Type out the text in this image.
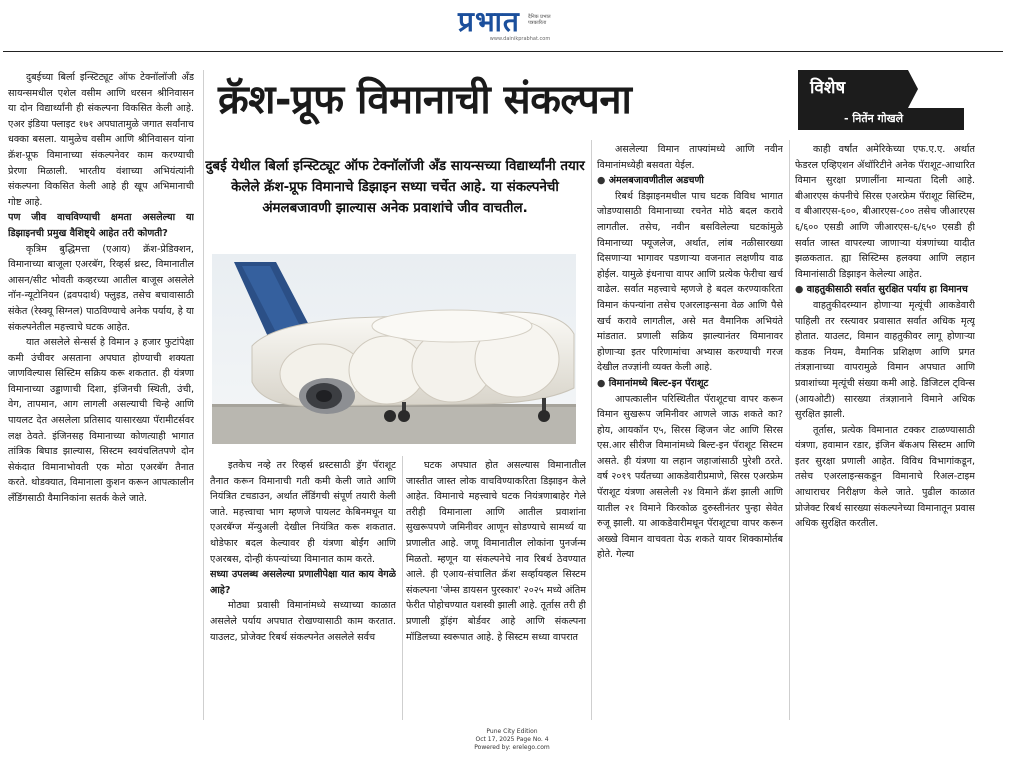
प्रभात दैनिक प्रभात पत्रकारिता
www.dainikprabhat.com
क्रॅश-प्रूफ विमानाची संकल्पना	विशेष
- नितेंन गोखले
दुबई येथील बिर्ला इन्स्टिट्यूट ऑफ टेक्नॉलॉजी अँड सायन्सच्या विद्यार्थ्यांनी तयार केलेले क्रॅश-प्रूफ विमानाचे डिझाइन सध्या चर्चेत आहे. या संकल्पनेची अंमलबजावणी झाल्यास अनेक प्रवाशांचे जीव वाचतील.

दुबईच्या बिर्ला इन्स्टिट्यूट ऑफ टेक्नॉलॉजी अँड सायन्समधील एशेल वसीम आणि धरसन श्रीनिवासन या दोन विद्यार्थ्यांनी ही संकल्पना विकसित केली आहे. एअर इंडिया फ्लाइट १७१ अपघातामुळे जगात सर्वांनाच धक्का बसला. यामुळेच वसीम आणि श्रीनिवासन यांना क्रॅश-प्रूफ विमानाच्या संकल्पनेवर काम करण्याची प्रेरणा मिळाली. भारतीय वंशाच्या अभियंत्यांनी संकल्पना विकसित केली आहे ही खूप अभिमानाची गोष्ट आहे.

पण जीव वाचविण्याची क्षमता असलेल्या या डिझाइनची प्रमुख वैशिष्ट्ये आहेत तरी कोणती?

कृत्रिम बुद्धिमत्ता (एआय) क्रॅश-प्रेडिक्शन, विमानाच्या बाजूला एअरबॅग, रिव्हर्स थ्रस्ट, विमानातील आसन/सीट भोवती कव्हरच्या आतील बाजूस असलेले नॉन-न्यूटोनियन (द्रवपदार्थ) फ्लुइड, तसेच बचावासाठी संकेत (रेस्क्यू सिग्नल) पाठविण्याचे अनेक पर्याय, हे या संकल्पनेतील महत्त्वाचे घटक आहेत.

यात असलेले सेन्सर्स हे विमान ३ हजार फुटांपेक्षा कमी उंचीवर असताना अपघात होण्याची शक्यता जाणविल्यास सिस्टिम सक्रिय करू शकतात. ही यंत्रणा विमानाच्या उड्डाणाची दिशा, इंजिनची स्थिती, उंची, वेग, तापमान, आग लागली असल्याची चिन्हे आणि पायलट देत असलेला प्रतिसाद यासारख्या पॅरामीटर्सवर लक्ष ठेवते. इंजिनसह विमानाच्या कोणत्याही भागात तांत्रिक बिघाड झाल्यास, सिस्टम स्वयंचलितपणे दोन सेकंदात विमानाभोवती एक मोठा एअरबॅग तैनात करते. थोडक्यात, विमानाला कुशन करून आपत्कालीन लॅंडिंगसाठी वैमानिकांना सतर्क केले जाते.

इतकेच नव्हे तर रिव्हर्स थ्रस्टसाठी ड्रॅग पॅराशूट तैनात करून विमानाची गती कमी केली जाते आणि नियंत्रित टचडाउन, अर्थात लॅंडिंगची संपूर्ण तयारी केली जाते. महत्त्वाचा भाग म्हणजे पायलट केबिनमधून या एअरबॅग्ज मॅन्युअली देखील नियंत्रित करू शकतात. थोडेफार बदल केल्यावर ही यंत्रणा बोईंग आणि एअरबस, दोन्ही कंपन्यांच्या विमानात काम करते.

सध्या उपलब्ध असलेल्या प्रणालीपेक्षा यात काय वेगळे आहे?

मोठ्या प्रवासी विमानांमध्ये सध्याच्या काळात असलेले पर्याय अपघात रोखण्यासाठी काम करतात. याउलट, प्रोजेक्ट रिबर्थ संकल्पनेत असलेले सर्वच

घटक अपघात होत असल्यास विमानातील जास्तीत जास्त लोक वाचविण्याकरिता डिझाइन केले आहेत. विमानाचे महत्त्वाचे घटक नियंत्रणाबाहेर गेले तरीही विमानाला आणि आतील प्रवाशांना सुखरूपपणे जमिनीवर आणून सोडण्याचे सामर्थ्य या प्रणालीत आहे. जणू विमानातील लोकांना पुनर्जन्म मिळतो. म्हणून या संकल्पनेचे नाव रिबर्थ ठेवण्यात आले. ही एआय-संचालित क्रॅश सर्व्हायव्हल सिस्टम संकल्पना 'जेम्स डायसन पुरस्कार' २०२५ मध्ये अंतिम फेरीत पोहोचण्यात यशस्वी झाली आहे. तूर्तास तरी ही प्रणाली ड्रॉइंग बोर्डवर आहे आणि संकल्पना मॉडिलच्या स्वरूपात आहे. हे सिस्टम सध्या वापरात

असलेल्या विमान ताफ्यांमध्ये आणि नवीन विमानांमध्येही बसवता येईल.

● अंमलबजावणीतील अडचणी

रिबर्थ डिझाइनमधील पाच घटक विविध भागात जोडण्यासाठी विमानाच्या रचनेत मोठे बदल करावे लागतील. तसेच, नवीन बसविलेल्या घटकांमुळे विमानाच्या फ्यूजलेज, अर्थात, लांब नळीसारख्या दिसणाऱ्या भागावर पडणाऱ्या वजनात लक्षणीय वाढ होईल. यामुळे इंधनाचा वापर आणि प्रत्येक फेरीचा खर्च वाढेल. सर्वात महत्त्वाचे म्हणजे हे बदल करण्याकरिता विमान कंपन्यांना तसेच एअरलाइन्सना वेळ आणि पैसे खर्च करावे लागतील, असे मत वैमानिक अभियंते मांडतात. प्रणाली सक्रिय झाल्यानंतर विमानावर होणाऱ्या इतर परिणामांचा अभ्यास करण्याची गरज देखील तज्ज्ञांनी व्यक्त केली आहे.

● विमानांमध्ये बिल्ट-इन पॅराशूट

आपत्कालीन परिस्थितीत पॅराशूटचा वापर करून विमान सुखरूप जमिनीवर आणले जाऊ शकते का? होय, आयकॉन ए५, सिरस व्हिजन जेट आणि सिरस एस.आर सीरीज विमानांमध्ये बिल्ट-इन पॅराशूट सिस्टम असते. ही यंत्रणा या लहान जहाजांसाठी पुरेशी ठरते. वर्ष २०१९ पर्यंतच्या आकडेवारीप्रमाणे, सिरस एअरफ्रेम पॅराशूट यंत्रणा असलेली २४ विमाने क्रॅश झाली आणि यातील २१ विमाने किरकोळ दुरुस्तीनंतर पुन्हा सेवेत रुजू झाली. या आकडेवारीमधून पॅराशूटचा वापर करून अख्खे विमान वाचवता येऊ शकते यावर शिक्कामोर्तब होते. गेल्या

काही वर्षांत अमेरिकेच्या एफ.ए.ए. अर्थात फेडरल एव्हिएशन ॲथॉरिटीने अनेक पॅराशूट-आधारित विमान सुरक्षा प्रणालींना मान्यता दिली आहे. बीआरएस कंपनीचे सिरस एअरफ्रेम पॅराशूट सिस्टिम, व बीआरएस-६००, बीआरएस-८०० तसेच जीआरएस ६/६०० एसडी आणि जीआरएस-६/६५० एसडी ही सर्वात जास्त वापरल्या जाणाऱ्या यंत्रणांच्या यादीत झळकतात. ह्या सिस्टिम्स हलक्या आणि लहान विमानांसाठी डिझाइन केलेल्या आहेत.

● वाहतुकीसाठी सर्वात सुरक्षित पर्याय हा विमानच

वाहतुकीदरम्यान होणाऱ्या मृत्यूंची आकडेवारी पाहिली तर रस्त्यावर प्रवासात सर्वात अधिक मृत्यू होतात. याउलट, विमान वाहतुकीवर लागू होणाऱ्या कडक नियम, वैमानिक प्रशिक्षण आणि प्रगत तंत्रज्ञानाच्या वापरामुळे विमान अपघात आणि प्रवाशांच्या मृत्यूंची संख्या कमी आहे. डिजिटल ट्विन्स (आयओटी) सारख्या तंत्रज्ञानाने विमाने अधिक सुरक्षित झाली.

तूर्तास, प्रत्येक विमानात टक्कर टाळण्यासाठी यंत्रणा, हवामान रडार, इंजिन बॅकअप सिस्टम आणि इतर सुरक्षा प्रणाली आहेत. विविध विभागांकडून, तसेच एअरलाइन्सकडून विमानाचे रिअल-टाइम आधाराचर निरीक्षण केले जाते. पुढील काळात प्रोजेक्ट रिबर्थ सारख्या संकल्पनेच्या विमानातून प्रवास अधिक सुरक्षित करतील.

Pune City Edition
Oct 17, 2025 Page No. 4
Powered by: erelego.com
